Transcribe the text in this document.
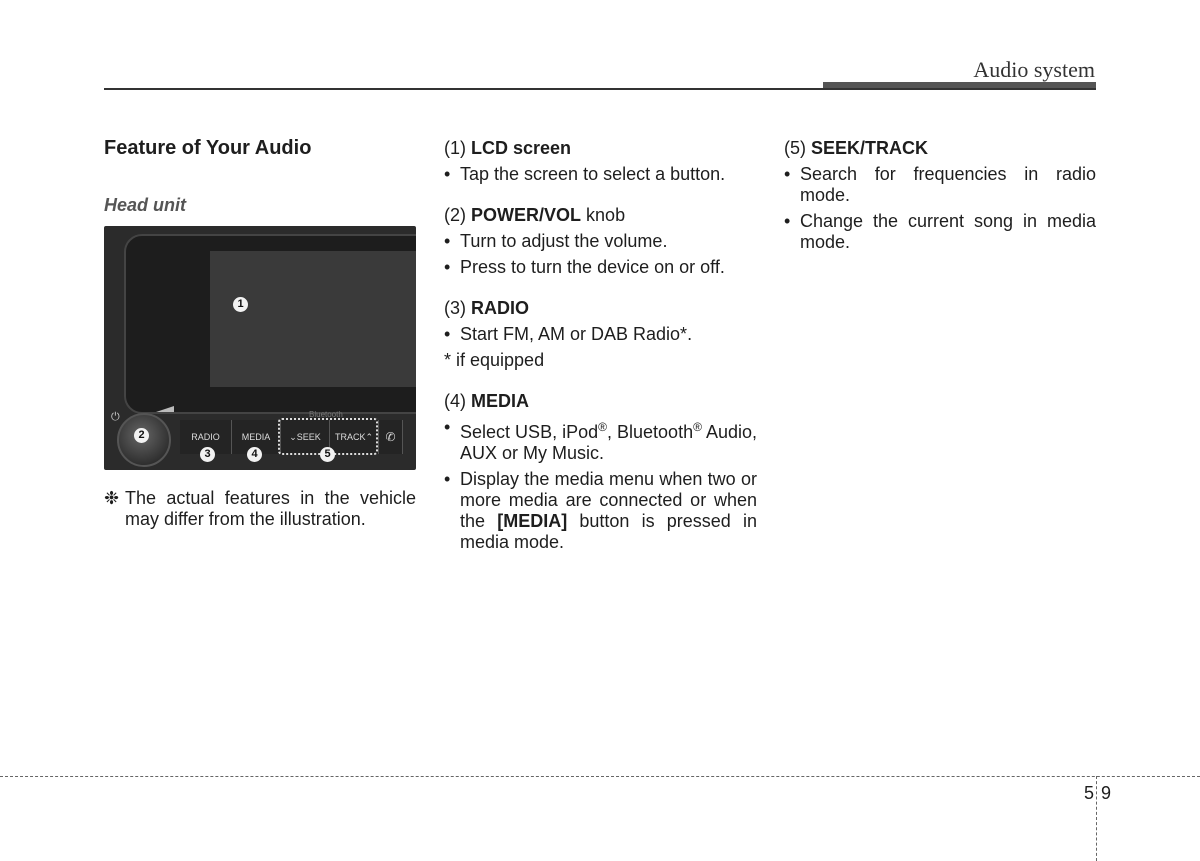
Audio system
Feature of Your Audio
Head unit
1
⏻	Bluetooth
2	RADIO	MEDIA	⌄SEEK	TRACK⌃	✆
3	4	5
❉ The actual features in the vehicle may differ from the illustration.
(1) LCD screen
• Tap the screen to select a button.
(2) POWER/VOL knob
• Turn to adjust the volume.
• Press to turn the device on or off.
(3) RADIO
• Start FM, AM or DAB Radio*.
* if equipped
(4) MEDIA
• Select USB, iPod®, Bluetooth® Audio, AUX or My Music.
• Display the media menu when two or more media are connected or when the [MEDIA] button is pressed in media mode.
(5) SEEK/TRACK
• Search for frequencies in radio mode.
• Change the current song in media mode.
5 9
